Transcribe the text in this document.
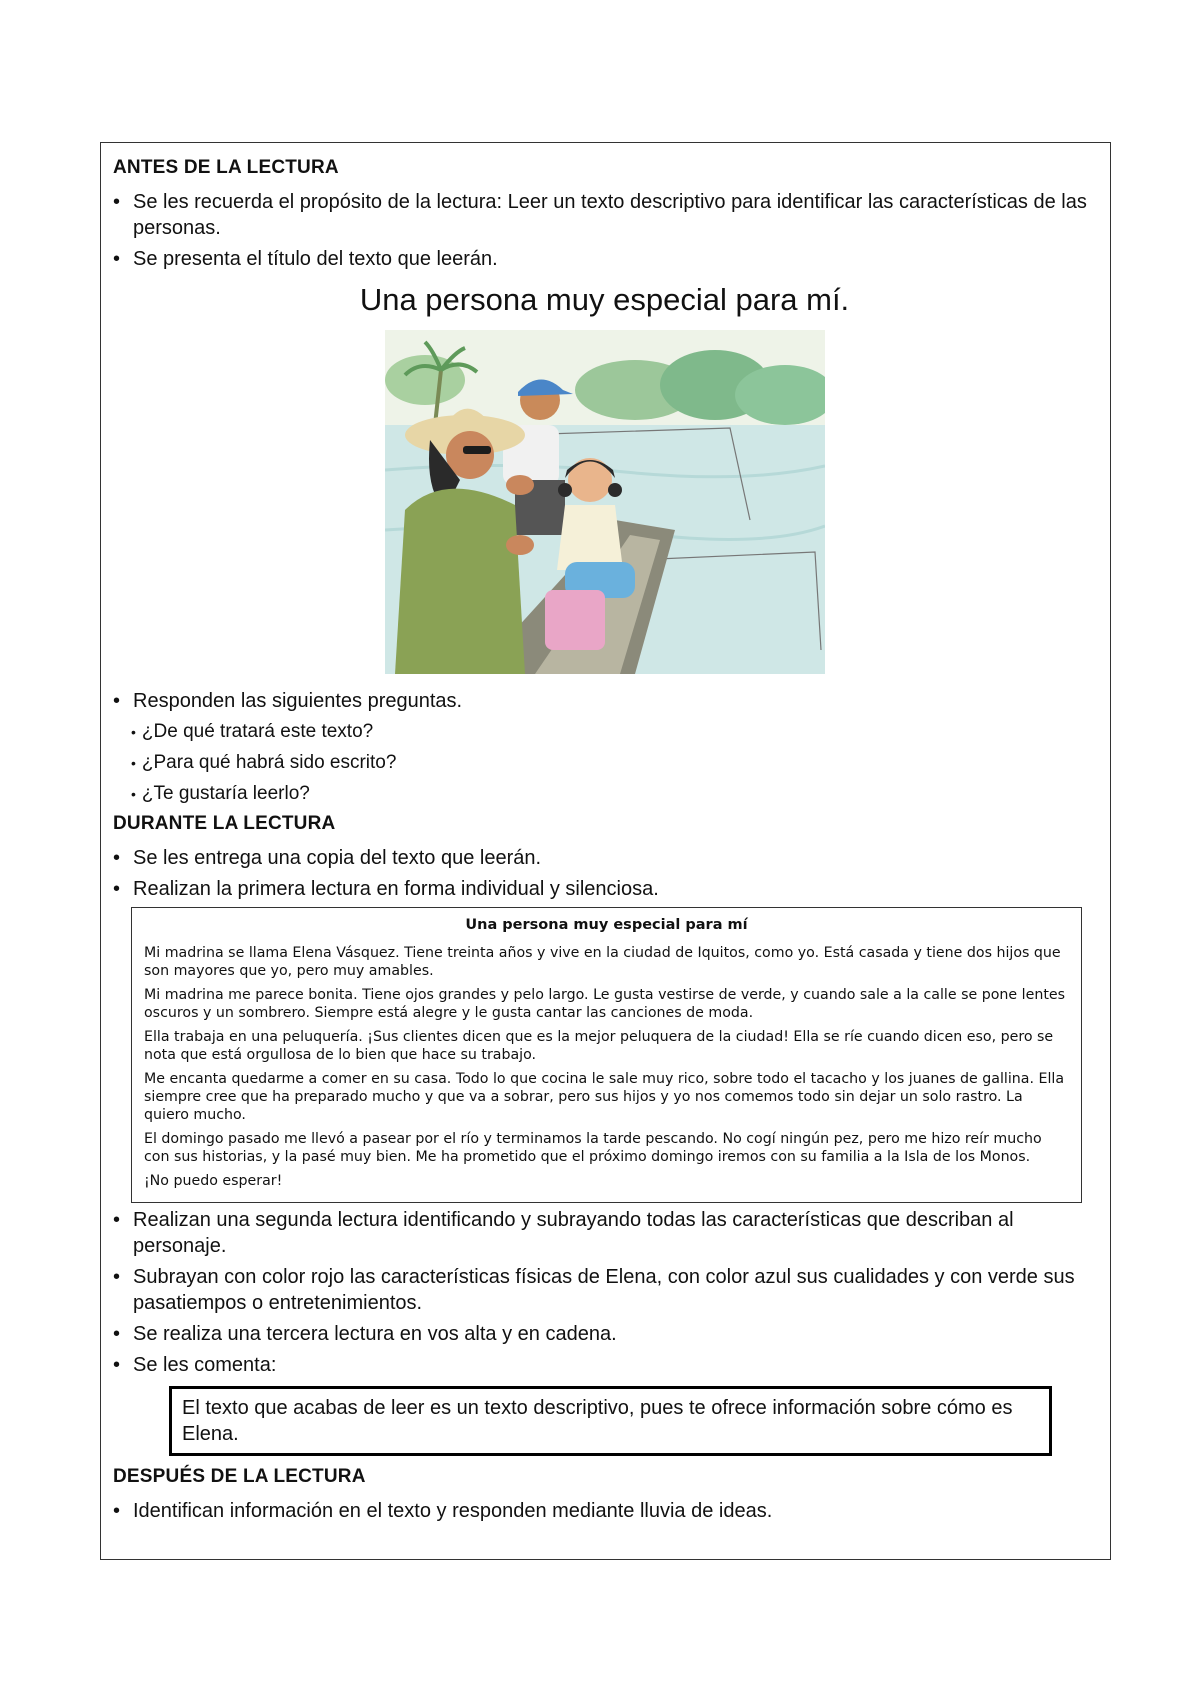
ANTES DE LA LECTURA
• Se les recuerda el propósito de la lectura: Leer un texto descriptivo para identificar las características de las personas.
• Se presenta el título del texto que leerán.
Una persona muy especial para mí.
• Responden las siguientes preguntas.
• ¿De qué tratará este texto?
• ¿Para qué habrá sido escrito?
• ¿Te gustaría leerlo?
DURANTE LA LECTURA
• Se les entrega una copia del texto que leerán.
• Realizan la primera lectura en forma individual y silenciosa.
Una persona muy especial para mí

Mi madrina se llama Elena Vásquez. Tiene treinta años y vive en la ciudad de Iquitos, como yo. Está casada y tiene dos hijos que son mayores que yo, pero muy amables.

Mi madrina me parece bonita. Tiene ojos grandes y pelo largo. Le gusta vestirse de verde, y cuando sale a la calle se pone lentes oscuros y un sombrero. Siempre está alegre y le gusta cantar las canciones de moda.

Ella trabaja en una peluquería. ¡Sus clientes dicen que es la mejor peluquera de la ciudad! Ella se ríe cuando dicen eso, pero se nota que está orgullosa de lo bien que hace su trabajo.

Me encanta quedarme a comer en su casa. Todo lo que cocina le sale muy rico, sobre todo el tacacho y los juanes de gallina. Ella siempre cree que ha preparado mucho y que va a sobrar, pero sus hijos y yo nos comemos todo sin dejar un solo rastro. La quiero mucho.

El domingo pasado me llevó a pasear por el río y terminamos la tarde pescando. No cogí ningún pez, pero me hizo reír mucho con sus historias, y la pasé muy bien. Me ha prometido que el próximo domingo iremos con su familia a la Isla de los Monos.

¡No puedo esperar!

• Realizan una segunda lectura identificando y subrayando todas las características que describan al personaje.
• Subrayan con color rojo las características físicas de Elena, con color azul sus cualidades y con verde sus pasatiempos o entretenimientos.
• Se realiza una tercera lectura en vos alta y en cadena.
• Se les comenta:
El texto que acabas de leer es un texto descriptivo, pues te ofrece información sobre cómo es Elena.
DESPUÉS DE LA LECTURA
• Identifican información en el texto y responden mediante lluvia de ideas.
